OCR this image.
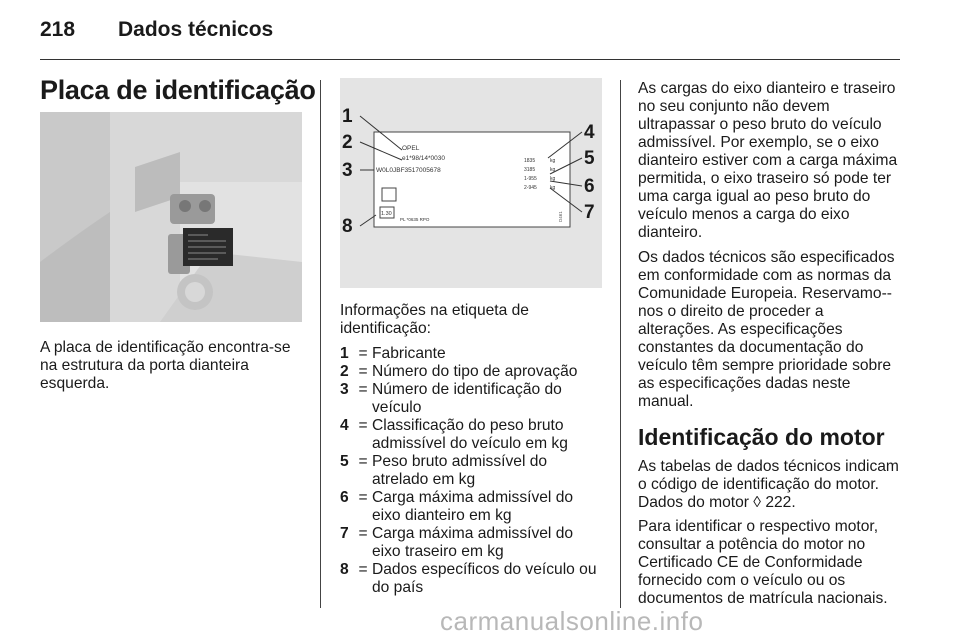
218 Dados técnicos
Placa de identificação
A placa de identificação encontra-se na estrutura da porta dianteira esquerda.
1
2
3
8
4
5
6
7
OPEL
e1*98/14*0030
W0L0JBF3517005678
1835
3185
1-955
2-945
kg
kg
kg
kg
1.30
PL *0635 RPO	D461
Informações na etiqueta de identificação:
1 = Fabricante
2 = Número do tipo de aprovação
3 = Número de identificação do veículo
4 = Classificação do peso bruto admissível do veículo em kg
5 = Peso bruto admissível do atrelado em kg
6 = Carga máxima admissível do eixo dianteiro em kg
7 = Carga máxima admissível do eixo traseiro em kg
8 = Dados específicos do veículo ou do país
As cargas do eixo dianteiro e traseiro no seu conjunto não devem ultrapassar o peso bruto do veículo admissível. Por exemplo, se o eixo dianteiro estiver com a carga máxima permitida, o eixo traseiro só pode ter uma carga igual ao peso bruto do veículo menos a carga do eixo dianteiro.
Os dados técnicos são especificados em conformidade com as normas da Comunidade Europeia. Reservamo--nos o direito de proceder a alterações. As especificações constantes da documentação do veículo têm sempre prioridade sobre as especificações dadas neste manual.
Identificação do motor
As tabelas de dados técnicos indicam o código de identificação do motor. Dados do motor ◊ 222.
Para identificar o respectivo motor, consultar a potência do motor no Certificado CE de Conformidade fornecido com o veículo ou os documentos de matrícula nacionais.
carmanualsonline.info
